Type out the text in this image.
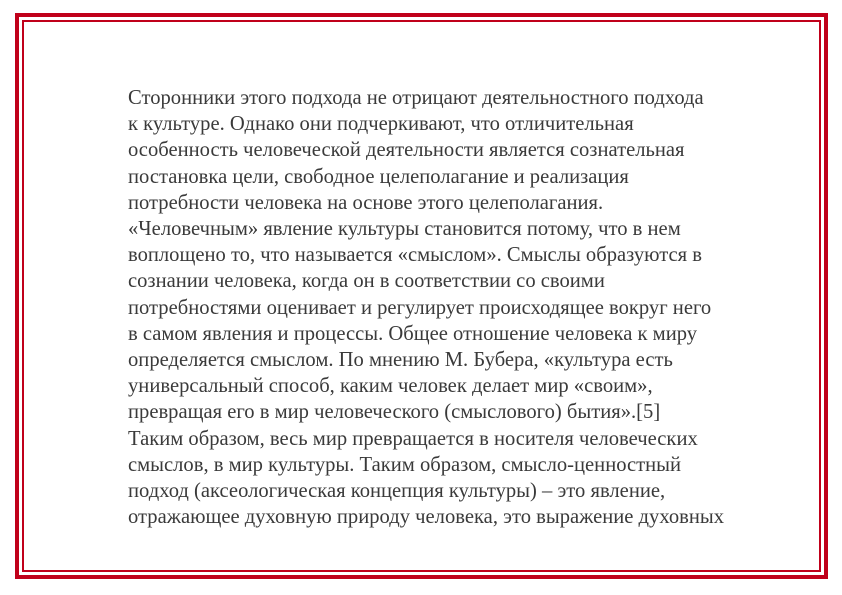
Сторонники этого подхода не отрицают деятельностного подхода
к культуре. Однако они подчеркивают, что отличительная
особенность человеческой деятельности является сознательная
постановка цели, свободное целеполагание и реализация
потребности человека на основе этого целеполагания.
«Человечным» явление культуры становится потому, что в нем
воплощено то, что называется «смыслом». Смыслы образуются в
сознании человека, когда он в соответствии со своими
потребностями оценивает и регулирует происходящее вокруг него
в самом явления и процессы. Общее отношение человека к миру
определяется смыслом. По мнению М. Бубера, «культура есть
универсальный способ, каким человек делает мир «своим»,
превращая его в мир человеческого (смыслового) бытия».[5]
Таким образом, весь мир превращается в носителя человеческих
смыслов, в мир культуры. Таким образом, смысло-ценностный
подход (аксеологическая концепция культуры) – это явление,
отражающее духовную природу человека, это выражение духовных
